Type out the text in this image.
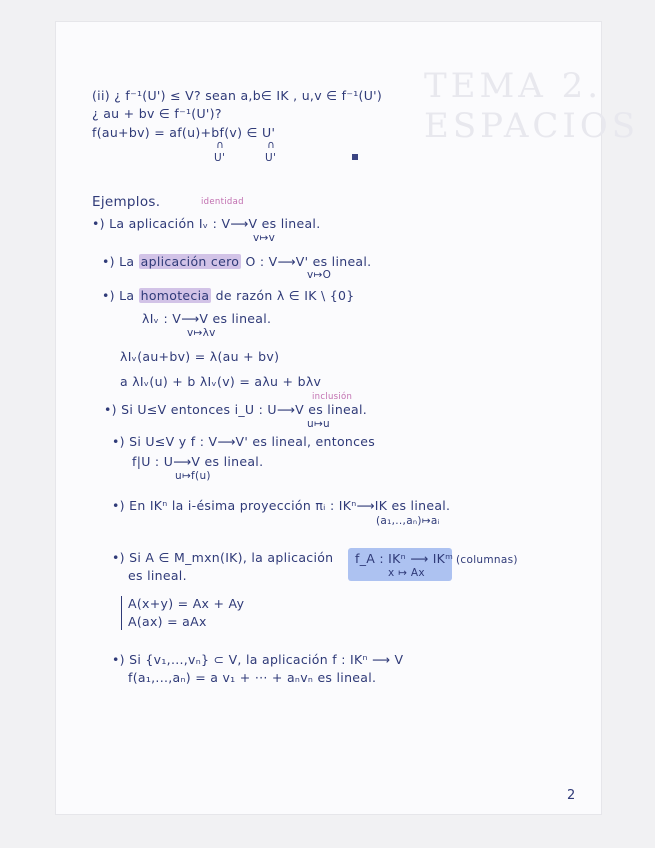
TEMA 2. ESPACIOS
(ii) ¿ f⁻¹(U') ≤ V? sean a,b∈ IK , u,v ∈ f⁻¹(U')
¿ au + bv ∈ f⁻¹(U')?
f(au+bv) = af(u)+bf(v) ∈ U'
∩	∩
U'	U'
Ejemplos.	identidad
•) La aplicación Iᵥ : V⟶V es lineal.
v↦v
•) La aplicación cero O : V⟶V' es lineal.
v↦O
•) La homotecia de razón λ ∈ IK \ {0}
λIᵥ : V⟶V es lineal.
v↦λv
λIᵥ(au+bv) = λ(au + bv)
a λIᵥ(u) + b λIᵥ(v) = aλu + bλv
inclusión
•) Si U≤V entonces i_U : U⟶V es lineal.
u↦u
•) Si U≤V y f : V⟶V' es lineal, entonces
f|U : U⟶V es lineal.
u↦f(u)
•) En IKⁿ la i-ésima proyección πᵢ : IKⁿ⟶IK es lineal.
(a₁,..,aₙ)↦aᵢ
•) Si A ∈ M_mxn(IK), la aplicación f_A : IKⁿ ⟶ IKᵐ
x ↦ Ax
(columnas)
es lineal.
A(x+y) = Ax + Ay
A(ax) = aAx
•) Si {v₁,...,vₙ} ⊂ V, la aplicación f : IKⁿ ⟶ V
f(a₁,...,aₙ) = a v₁ + ··· + aₙvₙ es lineal.
2
